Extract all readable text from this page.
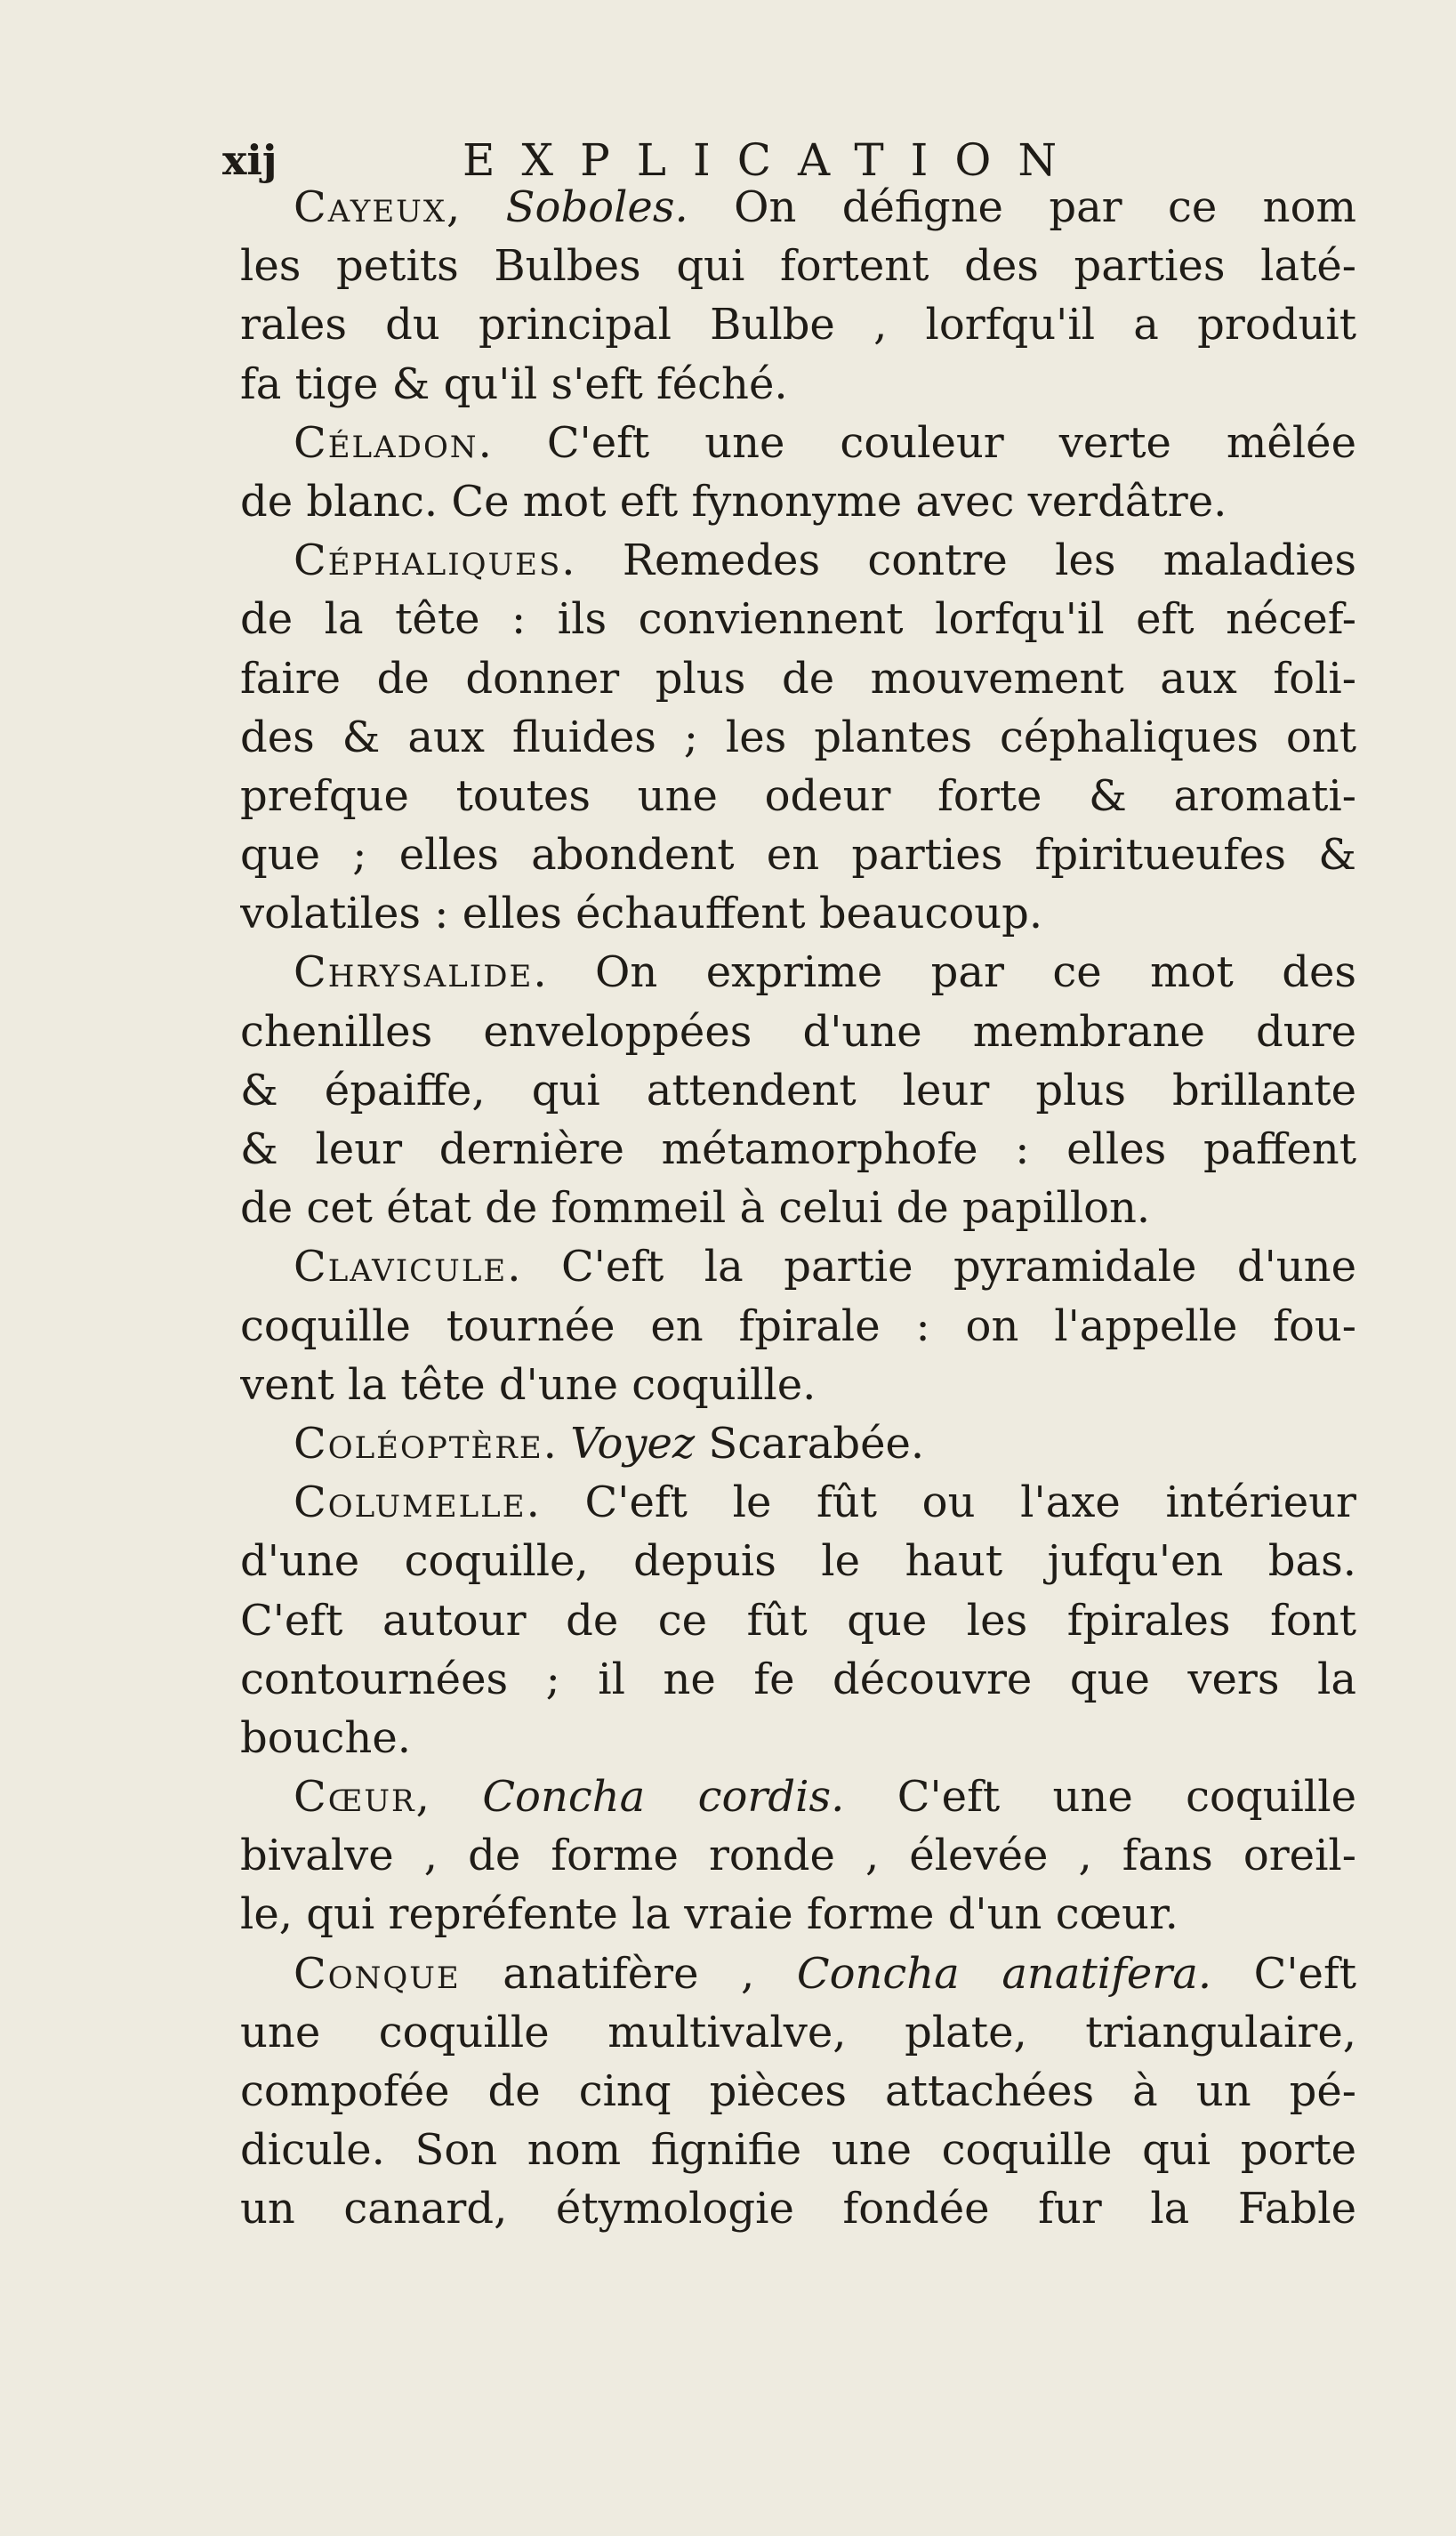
xij	EXPLICATION
Cayeux, Soboles. On défigne par ce nom
les petits Bulbes qui fortent des parties laté-
rales du principal Bulbe , lorfqu'il a produit
fa tige & qu'il s'eft féché.
Céladon. C'eft une couleur verte mêlée
de blanc. Ce mot eft fynonyme avec verdâtre.
Céphaliques. Remedes contre les maladies
de la tête : ils conviennent lorfqu'il eft nécef-
faire de donner plus de mouvement aux foli-
des & aux fluides ; les plantes céphaliques ont
prefque toutes une odeur forte & aromati-
que ; elles abondent en parties fpiritueufes &
volatiles : elles échauffent beaucoup.
Chrysalide. On exprime par ce mot des
chenilles enveloppées d'une membrane dure
& épaiffe, qui attendent leur plus brillante
& leur dernière métamorphofe : elles paffent
de cet état de fommeil à celui de papillon.
Clavicule. C'eft la partie pyramidale d'une
coquille tournée en fpirale : on l'appelle fou-
vent la tête d'une coquille.
Coléoptère. Voyez Scarabée.
Columelle. C'eft le fût ou l'axe intérieur
d'une coquille, depuis le haut jufqu'en bas.
C'eft autour de ce fût que les fpirales font
contournées ; il ne fe découvre que vers la
bouche.
Cœur, Concha cordis. C'eft une coquille
bivalve , de forme ronde , élevée , fans oreil-
le, qui repréfente la vraie forme d'un cœur.
Conque anatifère , Concha anatifera. C'eft
une coquille multivalve, plate, triangulaire,
compofée de cinq pièces attachées à un pé-
dicule. Son nom fignifie une coquille qui porte
un canard, étymologie fondée fur la Fable
